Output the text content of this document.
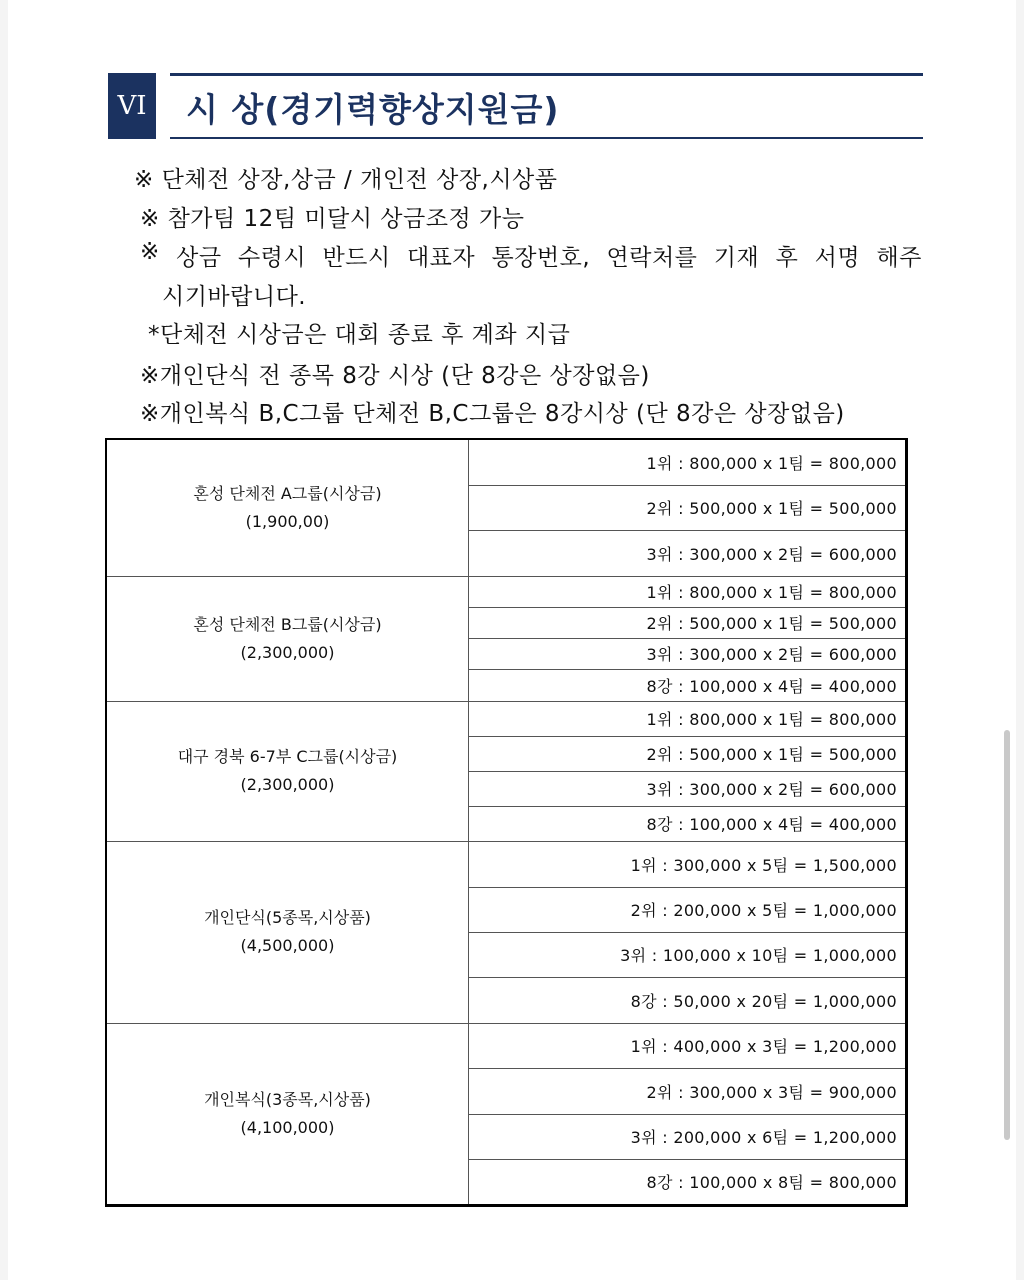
VI 시 상(경기력향상지원금)
※ 단체전 상장,상금 / 개인전 상장,시상품
※ 참가팀 12팀 미달시 상금조정 가능
※ 상금 수령시 반드시 대표자 통장번호, 연락처를 기재 후 서명 해주
시기바랍니다.
*단체전 시상금은 대회 종료 후 계좌 지급
※개인단식 전 종목 8강 시상 (단 8강은 상장없음)
※개인복식 B,C그룹 단체전 B,C그룹은 8강시상 (단 8강은 상장없음)
혼성 단체전 A그룹(시상금)
(1,900,00)	1위 : 800,000 x 1팀 = 800,000
	2위 : 500,000 x 1팀 = 500,000
	3위 : 300,000 x 2팀 = 600,000

혼성 단체전 B그룹(시상금)
(2,300,000)	1위 : 800,000 x 1팀 = 800,000
	2위 : 500,000 x 1팀 = 500,000
	3위 : 300,000 x 2팀 = 600,000
	8강 : 100,000 x 4팀 = 400,000

대구 경북 6-7부 C그룹(시상금)
(2,300,000)	1위 : 800,000 x 1팀 = 800,000
	2위 : 500,000 x 1팀 = 500,000
	3위 : 300,000 x 2팀 = 600,000
	8강 : 100,000 x 4팀 = 400,000

개인단식(5종목,시상품)
(4,500,000)	1위 : 300,000 x 5팀 = 1,500,000
	2위 : 200,000 x 5팀 = 1,000,000
	3위 : 100,000 x 10팀 = 1,000,000
	8강 : 50,000 x 20팀 = 1,000,000

개인복식(3종목,시상품)
(4,100,000)	1위 : 400,000 x 3팀 = 1,200,000
	2위 : 300,000 x 3팀 = 900,000
	3위 : 200,000 x 6팀 = 1,200,000
	8강 : 100,000 x 8팀 = 800,000
